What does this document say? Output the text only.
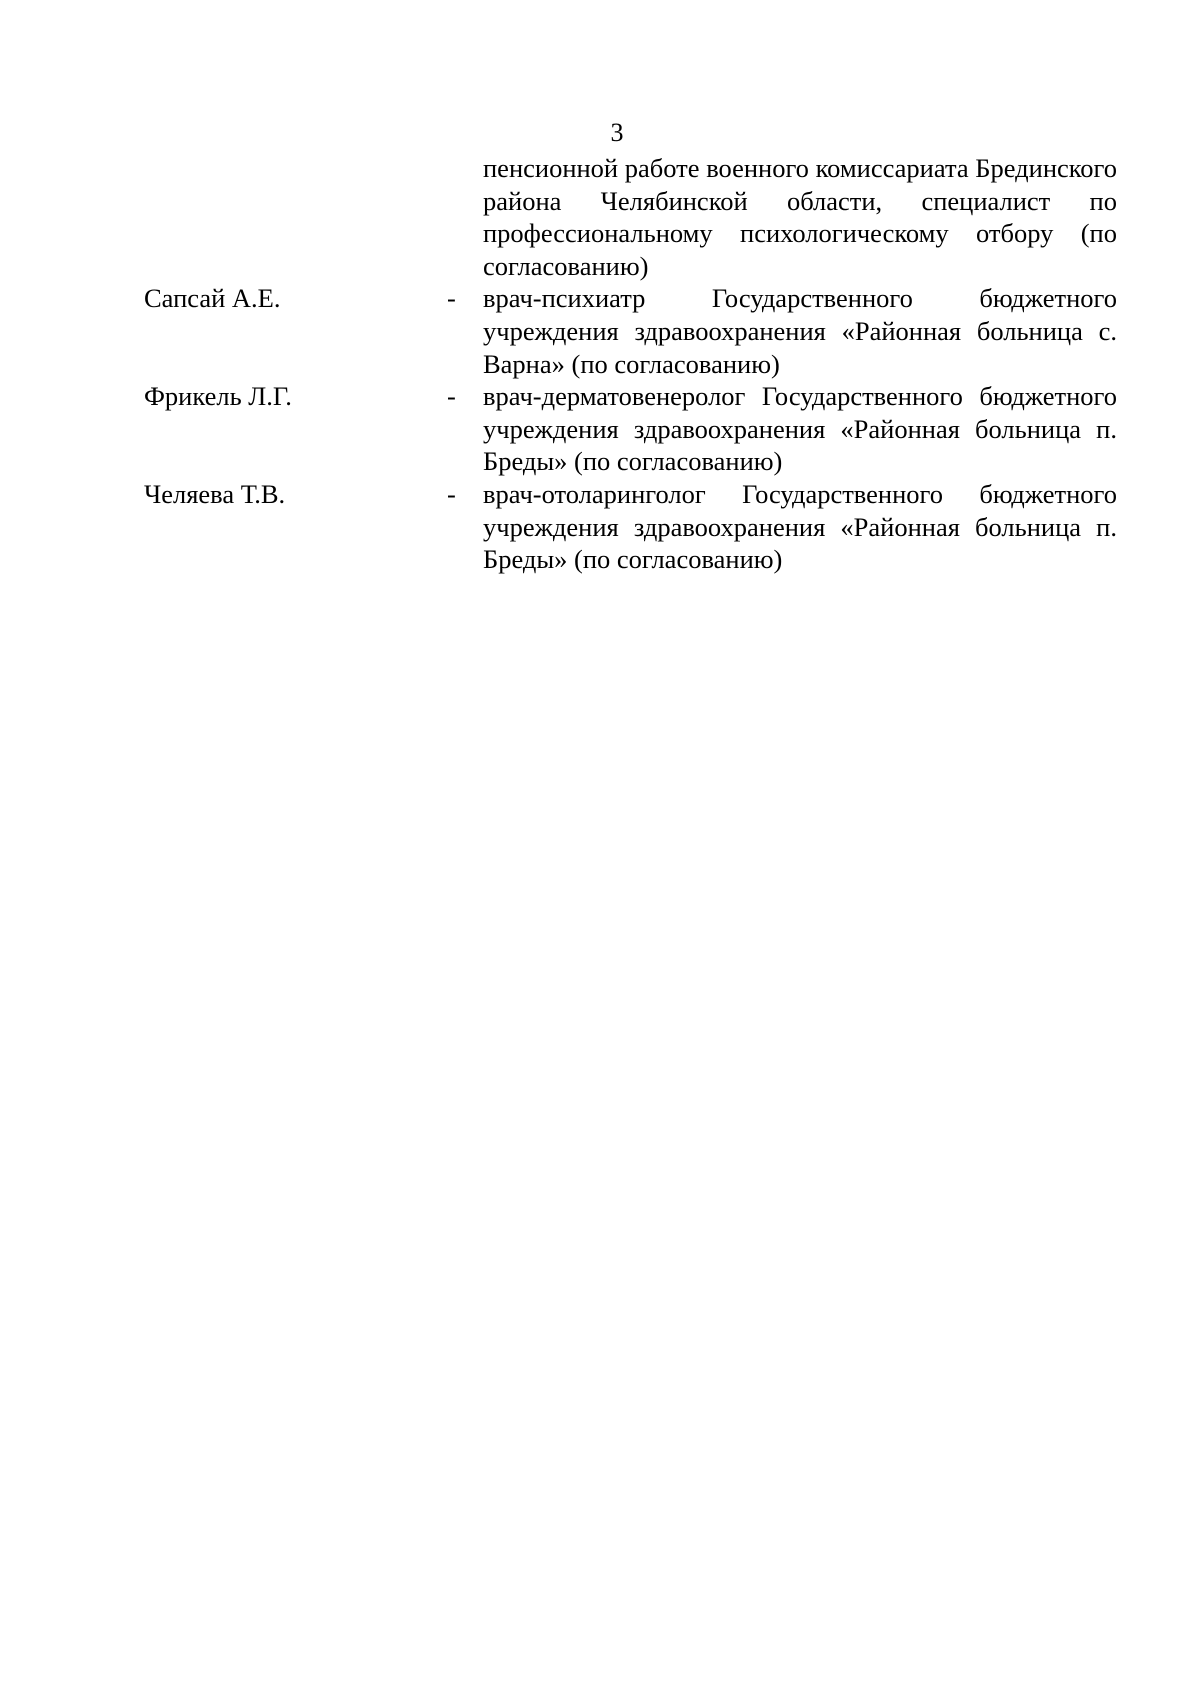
3
пенсионной работе военного комиссариата Брединского района Челябинской области, специалист по профессиональному психологическому отбору (по согласованию)
Сапсай А.Е.	-	врач-психиатр Государственного бюджетного учреждения здравоохранения «Районная больница с. Варна» (по согласованию)
Фрикель Л.Г.	-	врач-дерматовенеролог Государственного бюджетного учреждения здравоохранения «Районная больница п. Бреды» (по согласованию)
Челяева Т.В.	-	врач-отоларинголог Государственного бюджетного учреждения здравоохранения «Районная больница п. Бреды» (по согласованию)
